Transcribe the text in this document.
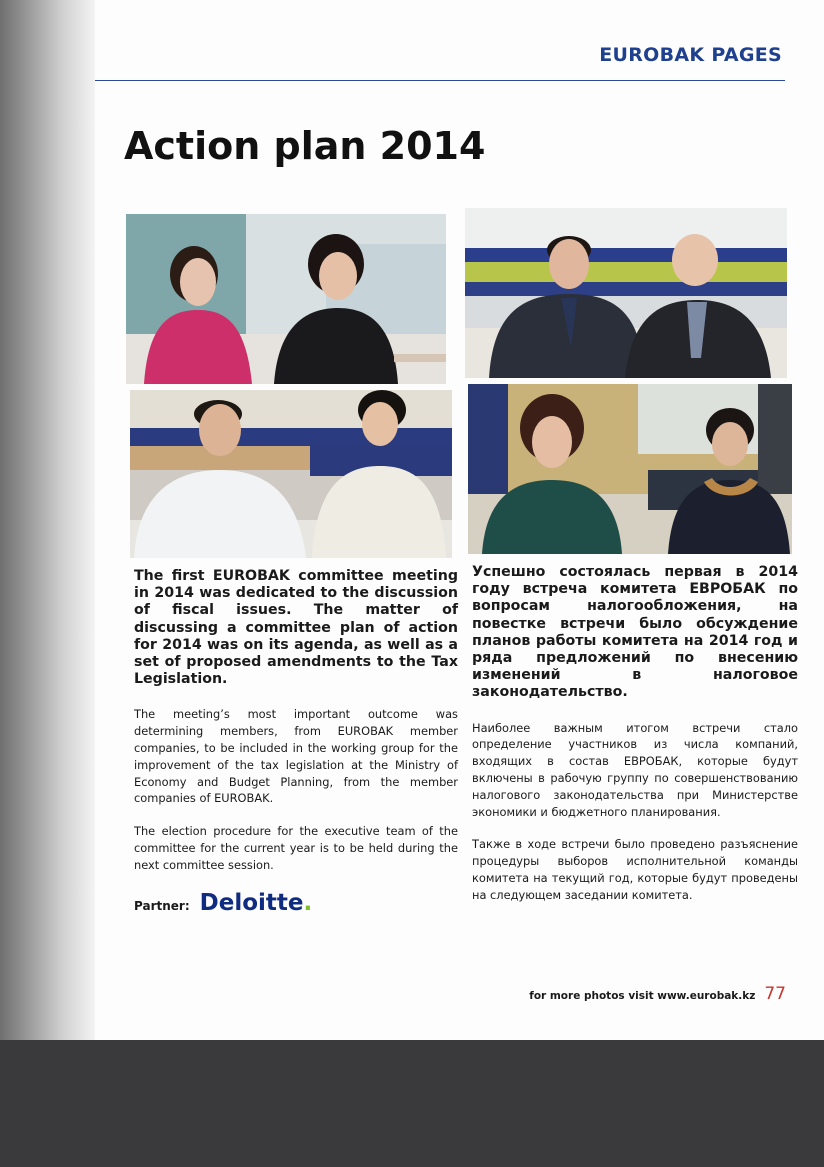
EUROBAK PAGES
Action plan 2014

The first EUROBAK committee meeting in 2014 was dedicated to the discussion of fiscal issues. The matter of discussing a committee plan of action for 2014 was on its agenda, as well as a set of proposed amendments to the Tax Legislation.

The meeting’s most important outcome was determining members, from EUROBAK member companies, to be included in the working group for the improvement of the tax legislation at the Ministry of Economy and Budget Planning, from the member companies of EUROBAK.

The election procedure for the executive team of the committee for the current year is to be held during the next committee session.

Partner: Deloitte.

Успешно состоялась первая в 2014 году встреча комитета ЕВРОБАК по вопросам налогообложения, на повестке встречи было обсуждение планов работы комитета на 2014 год и ряда предложений по внесению изменений в налоговое законодательство.

Наиболее важным итогом встречи стало определение участников из числа компаний, входящих в состав ЕВРОБАК, которые будут включены в рабочую группу по совершенствованию налогового законодательства при Министерстве экономики и бюджетного планирования.

Также в ходе встречи было проведено разъяснение процедуры выборов исполнительной команды комитета на текущий год, которые будут проведены на следующем заседании комитета.

for more photos visit www.eurobak.kz 77
